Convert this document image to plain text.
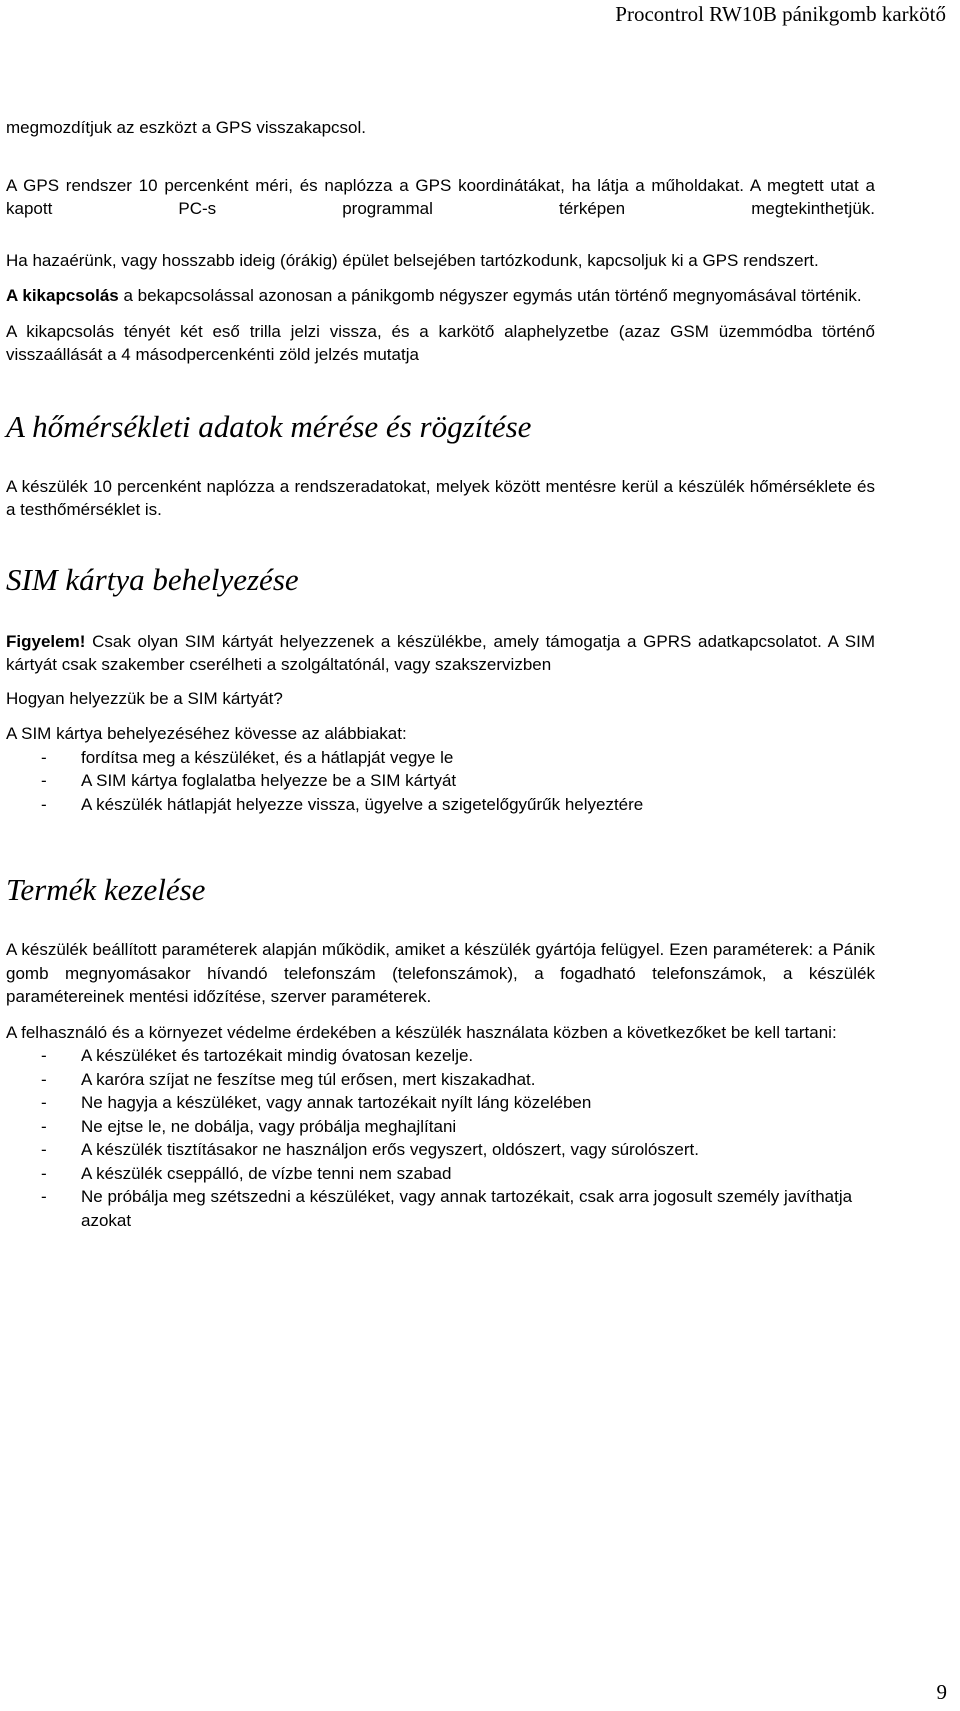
Procontrol RW10B pánikgomb karkötő

megmozdítjuk az eszközt a GPS visszakapcsol.

A GPS rendszer 10 percenként méri, és naplózza a GPS koordinátákat, ha látja a műholdakat. A megtett utat a kapott PC-s programmal térképen megtekinthetjük.

Ha hazaérünk, vagy hosszabb ideig (órákig) épület belsejében tartózkodunk, kapcsoljuk ki a GPS rendszert.

A kikapcsolás a bekapcsolással azonosan a pánikgomb négyszer egymás után történő megnyomásával történik.

A kikapcsolás tényét két eső trilla jelzi vissza, és a karkötő alaphelyzetbe (azaz GSM üzemmódba történő visszaállását a 4 másodpercenkénti zöld jelzés mutatja

A hőmérsékleti adatok mérése és rögzítése

A készülék 10 percenként naplózza a rendszeradatokat, melyek között mentésre kerül a készülék hőmérséklete és a testhőmérséklet is.

SIM kártya behelyezése

Figyelem! Csak olyan SIM kártyát helyezzenek a készülékbe, amely támogatja a GPRS adatkapcsolatot. A SIM kártyát csak szakember cserélheti a szolgáltatónál, vagy szakszervizben

Hogyan helyezzük be a SIM kártyát?

A SIM kártya behelyezéséhez kövesse az alábbiakat:

- fordítsa meg a készüléket, és a hátlapját vegye le
- A SIM kártya foglalatba helyezze be a SIM kártyát
- A készülék hátlapját helyezze vissza, ügyelve a szigetelőgyűrűk helyeztére
Termék kezelése

A készülék beállított paraméterek alapján működik, amiket a készülék gyártója felügyel. Ezen paraméterek: a Pánik gomb megnyomásakor hívandó telefonszám (telefonszámok), a fogadható telefonszámok, a készülék paramétereinek mentési időzítése, szerver paraméterek.

A felhasználó és a környezet védelme érdekében a készülék használata közben a következőket be kell tartani:

- A készüléket és tartozékait mindig óvatosan kezelje.
- A karóra szíjat ne feszítse meg túl erősen, mert kiszakadhat.
- Ne hagyja a készüléket, vagy annak tartozékait nyílt láng közelében
- Ne ejtse le, ne dobálja, vagy próbálja meghajlítani
- A készülék tisztításakor ne használjon erős vegyszert, oldószert, vagy súrolószert.
- A készülék cseppálló, de vízbe tenni nem szabad
- Ne próbálja meg szétszedni a készüléket, vagy annak tartozékait, csak arra jogosult személy javíthatja azokat
9
